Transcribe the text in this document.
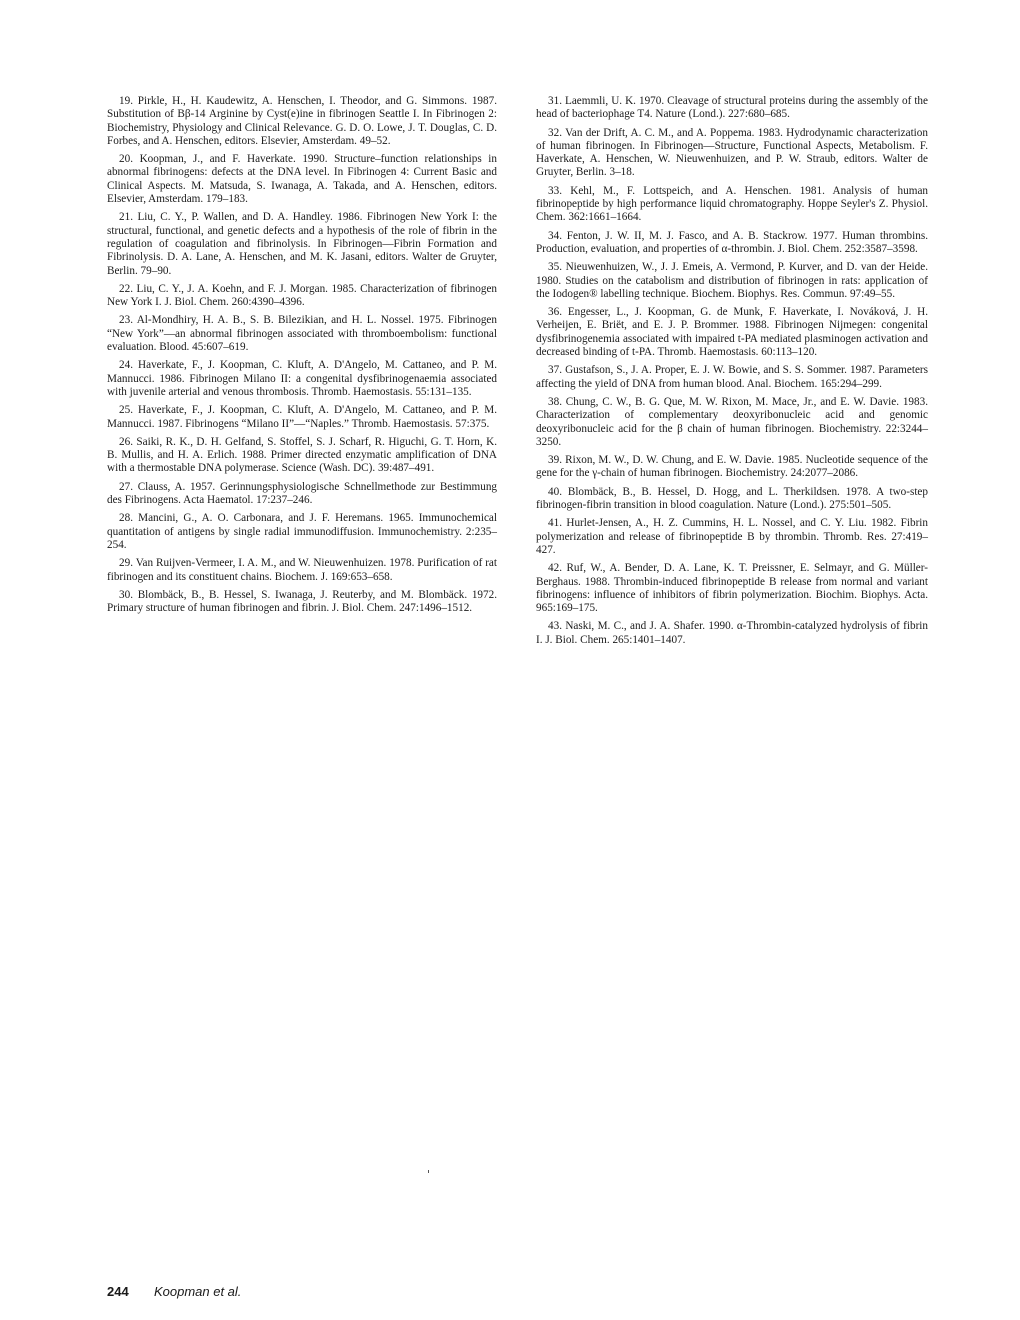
19. Pirkle, H., H. Kaudewitz, A. Henschen, I. Theodor, and G. Simmons. 1987. Substitution of Bβ-14 Arginine by Cyst(e)ine in fibrinogen Seattle I. In Fibrinogen 2: Biochemistry, Physiology and Clinical Relevance. G. D. O. Lowe, J. T. Douglas, C. D. Forbes, and A. Henschen, editors. Elsevier, Amsterdam. 49–52.

20. Koopman, J., and F. Haverkate. 1990. Structure–function relationships in abnormal fibrinogens: defects at the DNA level. In Fibrinogen 4: Current Basic and Clinical Aspects. M. Matsuda, S. Iwanaga, A. Takada, and A. Henschen, editors. Elsevier, Amsterdam. 179–183.

21. Liu, C. Y., P. Wallen, and D. A. Handley. 1986. Fibrinogen New York I: the structural, functional, and genetic defects and a hypothesis of the role of fibrin in the regulation of coagulation and fibrinolysis. In Fibrinogen—Fibrin Formation and Fibrinolysis. D. A. Lane, A. Henschen, and M. K. Jasani, editors. Walter de Gruyter, Berlin. 79–90.

22. Liu, C. Y., J. A. Koehn, and F. J. Morgan. 1985. Characterization of fibrinogen New York I. J. Biol. Chem. 260:4390–4396.

23. Al-Mondhiry, H. A. B., S. B. Bilezikian, and H. L. Nossel. 1975. Fibrinogen “New York”—an abnormal fibrinogen associated with thromboembolism: functional evaluation. Blood. 45:607–619.

24. Haverkate, F., J. Koopman, C. Kluft, A. D'Angelo, M. Cattaneo, and P. M. Mannucci. 1986. Fibrinogen Milano II: a congenital dysfibrinogenaemia associated with juvenile arterial and venous thrombosis. Thromb. Haemostasis. 55:131–135.

25. Haverkate, F., J. Koopman, C. Kluft, A. D'Angelo, M. Cattaneo, and P. M. Mannucci. 1987. Fibrinogens “Milano II”—“Naples.” Thromb. Haemostasis. 57:375.

26. Saiki, R. K., D. H. Gelfand, S. Stoffel, S. J. Scharf, R. Higuchi, G. T. Horn, K. B. Mullis, and H. A. Erlich. 1988. Primer directed enzymatic amplification of DNA with a thermostable DNA polymerase. Science (Wash. DC). 39:487–491.

27. Clauss, A. 1957. Gerinnungsphysiologische Schnellmethode zur Bestimmung des Fibrinogens. Acta Haematol. 17:237–246.

28. Mancini, G., A. O. Carbonara, and J. F. Heremans. 1965. Immunochemical quantitation of antigens by single radial immunodiffusion. Immunochemistry. 2:235–254.

29. Van Ruijven-Vermeer, I. A. M., and W. Nieuwenhuizen. 1978. Purification of rat fibrinogen and its constituent chains. Biochem. J. 169:653–658.

30. Blombäck, B., B. Hessel, S. Iwanaga, J. Reuterby, and M. Blombäck. 1972. Primary structure of human fibrinogen and fibrin. J. Biol. Chem. 247:1496–1512.

31. Laemmli, U. K. 1970. Cleavage of structural proteins during the assembly of the head of bacteriophage T4. Nature (Lond.). 227:680–685.

32. Van der Drift, A. C. M., and A. Poppema. 1983. Hydrodynamic characterization of human fibrinogen. In Fibrinogen—Structure, Functional Aspects, Metabolism. F. Haverkate, A. Henschen, W. Nieuwenhuizen, and P. W. Straub, editors. Walter de Gruyter, Berlin. 3–18.

33. Kehl, M., F. Lottspeich, and A. Henschen. 1981. Analysis of human fibrinopeptide by high performance liquid chromatography. Hoppe Seyler's Z. Physiol. Chem. 362:1661–1664.

34. Fenton, J. W. II, M. J. Fasco, and A. B. Stackrow. 1977. Human thrombins. Production, evaluation, and properties of α-thrombin. J. Biol. Chem. 252:3587–3598.

35. Nieuwenhuizen, W., J. J. Emeis, A. Vermond, P. Kurver, and D. van der Heide. 1980. Studies on the catabolism and distribution of fibrinogen in rats: application of the Iodogen® labelling technique. Biochem. Biophys. Res. Commun. 97:49–55.

36. Engesser, L., J. Koopman, G. de Munk, F. Haverkate, I. Nováková, J. H. Verheijen, E. Briët, and E. J. P. Brommer. 1988. Fibrinogen Nijmegen: congenital dysfibrinogenemia associated with impaired t-PA mediated plasminogen activation and decreased binding of t-PA. Thromb. Haemostasis. 60:113–120.

37. Gustafson, S., J. A. Proper, E. J. W. Bowie, and S. S. Sommer. 1987. Parameters affecting the yield of DNA from human blood. Anal. Biochem. 165:294–299.

38. Chung, C. W., B. G. Que, M. W. Rixon, M. Mace, Jr., and E. W. Davie. 1983. Characterization of complementary deoxyribonucleic acid and genomic deoxyribonucleic acid for the β chain of human fibrinogen. Biochemistry. 22:3244–3250.

39. Rixon, M. W., D. W. Chung, and E. W. Davie. 1985. Nucleotide sequence of the gene for the γ-chain of human fibrinogen. Biochemistry. 24:2077–2086.

40. Blombäck, B., B. Hessel, D. Hogg, and L. Therkildsen. 1978. A two-step fibrinogen-fibrin transition in blood coagulation. Nature (Lond.). 275:501–505.

41. Hurlet-Jensen, A., H. Z. Cummins, H. L. Nossel, and C. Y. Liu. 1982. Fibrin polymerization and release of fibrinopeptide B by thrombin. Thromb. Res. 27:419–427.

42. Ruf, W., A. Bender, D. A. Lane, K. T. Preissner, E. Selmayr, and G. Müller-Berghaus. 1988. Thrombin-induced fibrinopeptide B release from normal and variant fibrinogens: influence of inhibitors of fibrin polymerization. Biochim. Biophys. Acta. 965:169–175.

43. Naski, M. C., and J. A. Shafer. 1990. α-Thrombin-catalyzed hydrolysis of fibrin I. J. Biol. Chem. 265:1401–1407.

244 Koopman et al.
